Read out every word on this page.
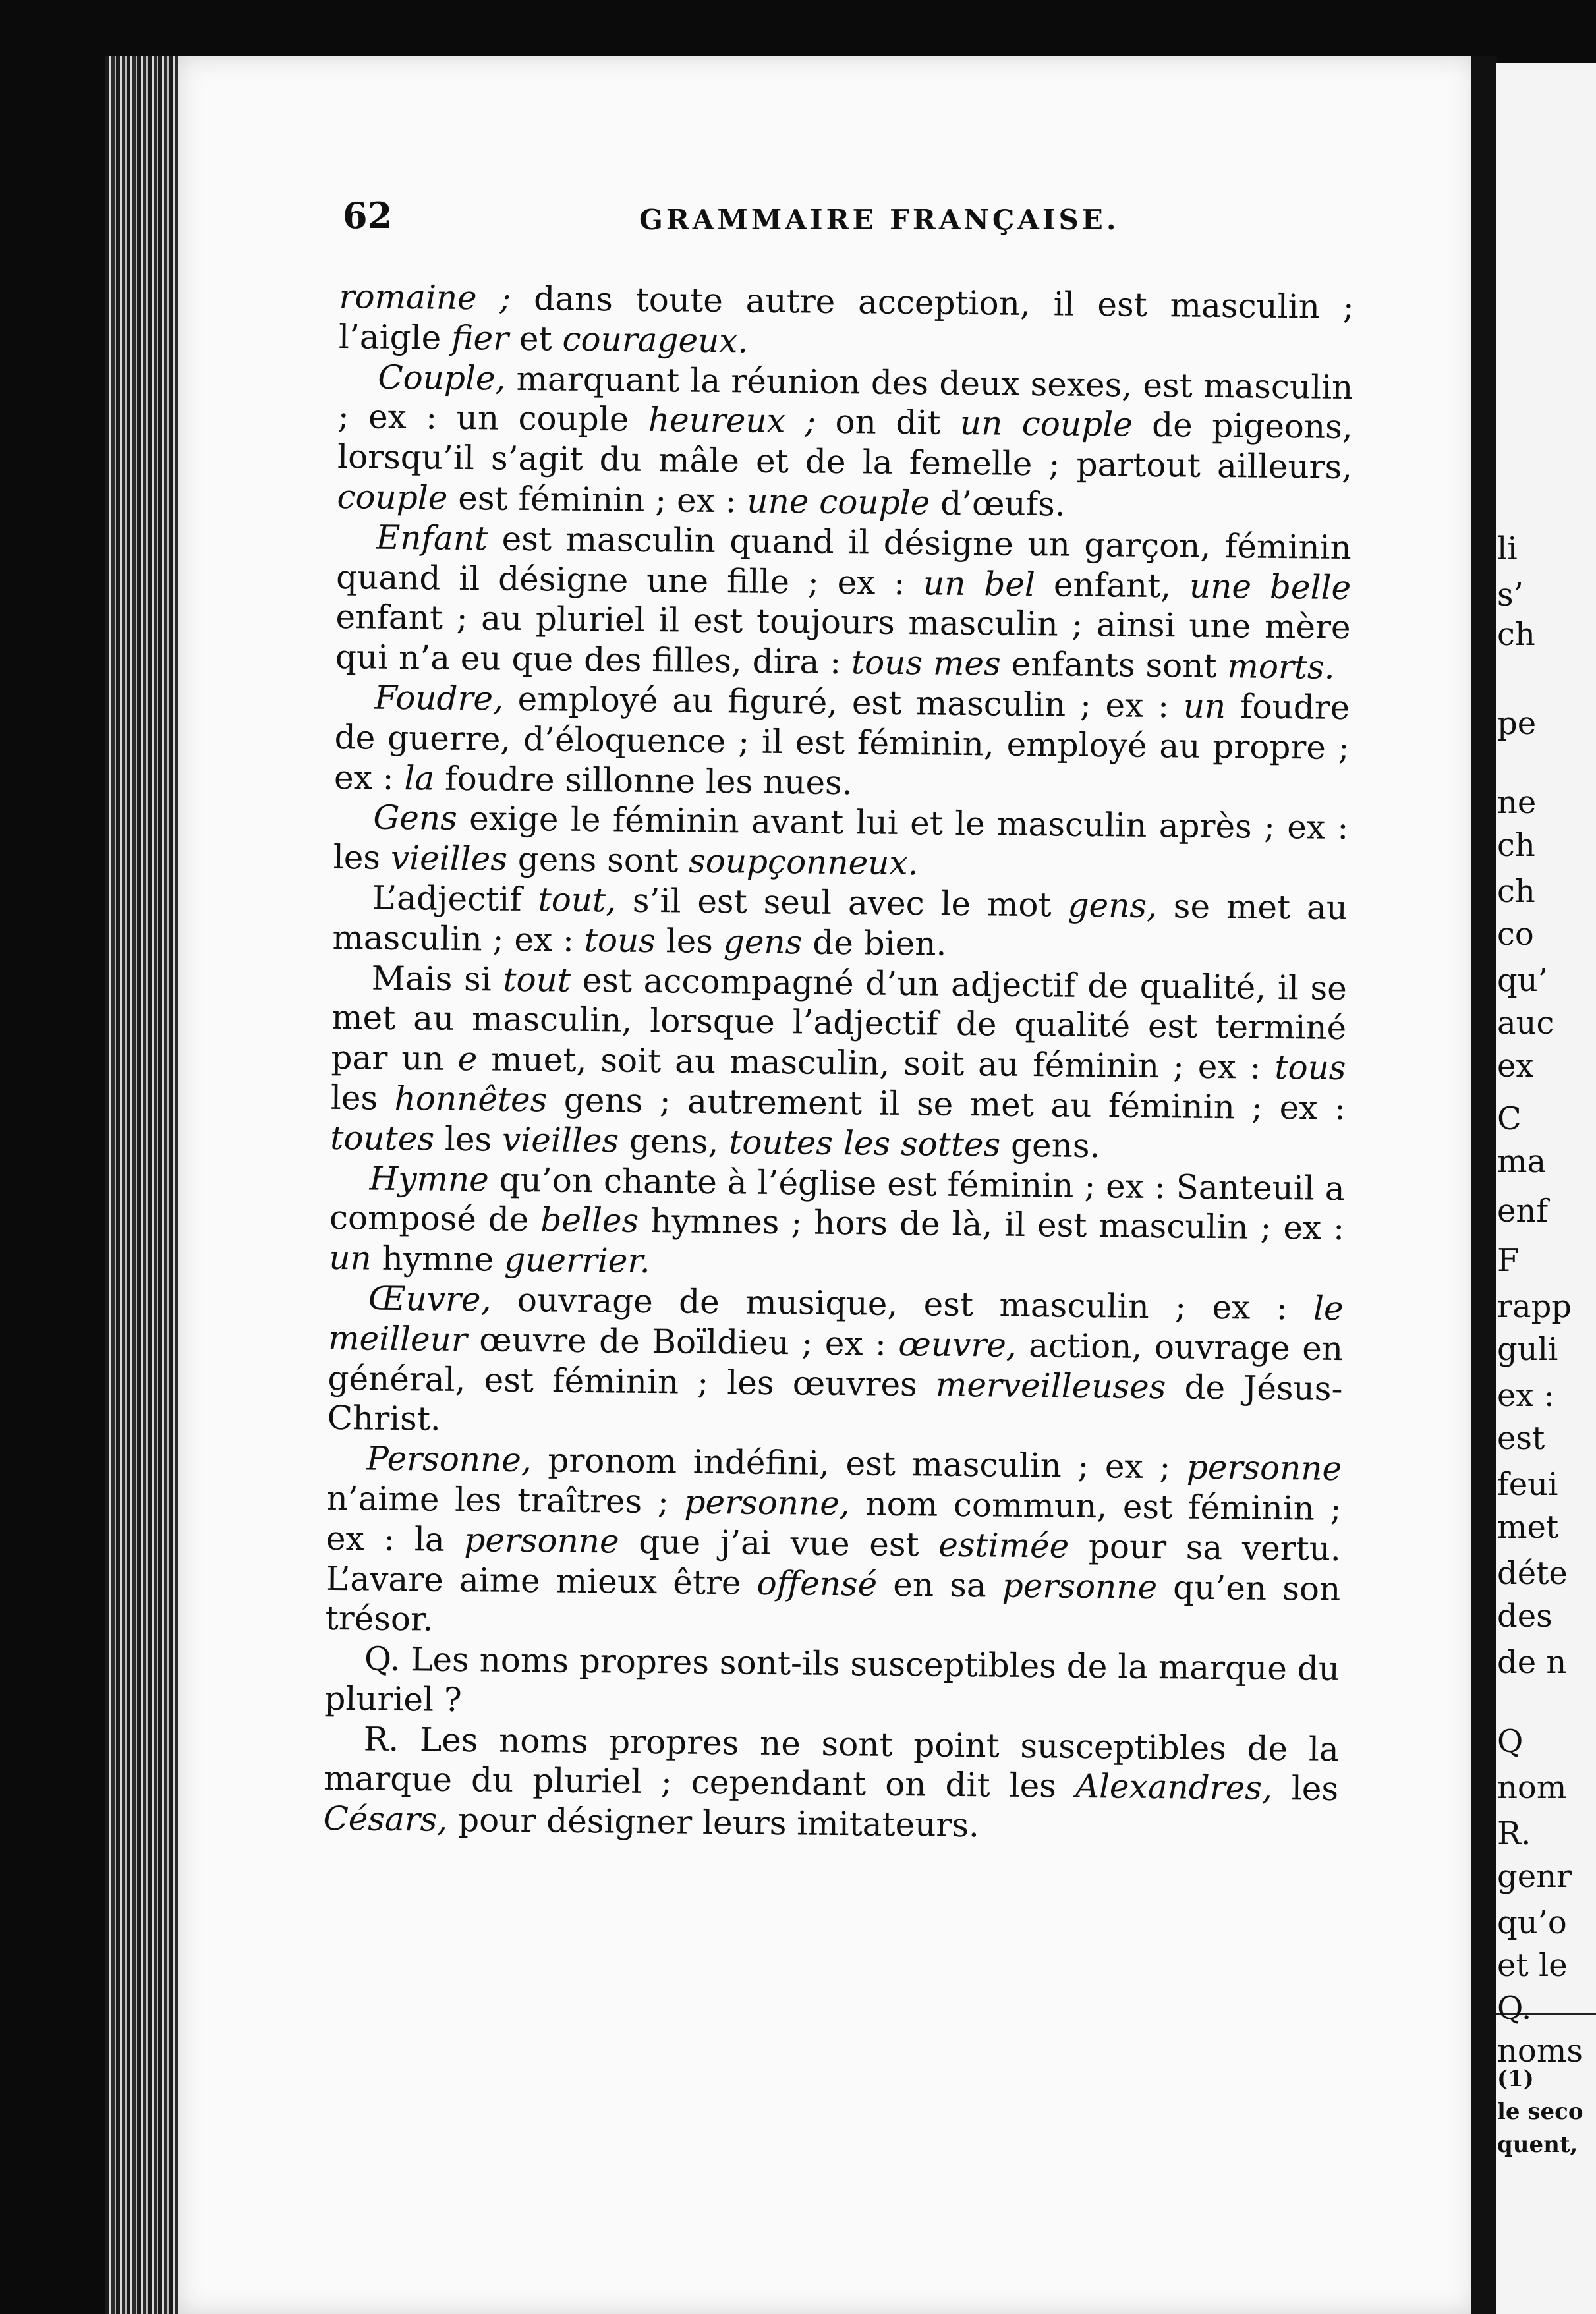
62	GRAMMAIRE FRANÇAISE.

romaine ; dans toute autre acception, il est masculin ; l’aigle fier et courageux.

Couple, marquant la réunion des deux sexes, est masculin ; ex : un couple heureux ; on dit un couple de pigeons, lorsqu’il s’agit du mâle et de la femelle ; partout ailleurs, couple est féminin ; ex : une couple d’œufs.

Enfant est masculin quand il désigne un garçon, féminin quand il désigne une fille ; ex : un bel enfant, une belle enfant ; au pluriel il est toujours masculin ; ainsi une mère qui n’a eu que des filles, dira : tous mes enfants sont morts.

Foudre, employé au figuré, est masculin ; ex : un foudre de guerre, d’éloquence ; il est féminin, employé au propre ; ex : la foudre sillonne les nues.

Gens exige le féminin avant lui et le masculin après ; ex : les vieilles gens sont soupçonneux.

L’adjectif tout, s’il est seul avec le mot gens, se met au masculin ; ex : tous les gens de bien.

Mais si tout est accompagné d’un adjectif de qualité, il se met au masculin, lorsque l’adjectif de qualité est terminé par un e muet, soit au masculin, soit au féminin ; ex : tous les honnêtes gens ; autrement il se met au féminin ; ex : toutes les vieilles gens, toutes les sottes gens.

Hymne qu’on chante à l’église est féminin ; ex : Santeuil a composé de belles hymnes ; hors de là, il est masculin ; ex : un hymne guerrier.

Œuvre, ouvrage de musique, est masculin ; ex : le meilleur œuvre de Boïldieu ; ex : œuvre, action, ouvrage en général, est féminin ; les œuvres merveilleuses de Jésus-Christ.

Personne, pronom indéfini, est masculin ; ex ; personne n’aime les traîtres ; personne, nom commun, est féminin ; ex : la personne que j’ai vue est estimée pour sa vertu. L’avare aime mieux être offensé en sa personne qu’en son trésor.

Q. Les noms propres sont-ils susceptibles de la marque du pluriel ?

R. Les noms propres ne sont point susceptibles de la marque du pluriel ; cependant on dit les Alexandres, les Césars, pour désigner leurs imitateurs.

li
s’
ch
pe
ne
ch
ch
co
qu’
auc
ex
C
ma
enf
F
rapp
guli
ex :
est
feui
met
déte
des
de n
Q
nom
R.
genr
qu’o
et le
Q.
noms
(1)
le seco
quent,
